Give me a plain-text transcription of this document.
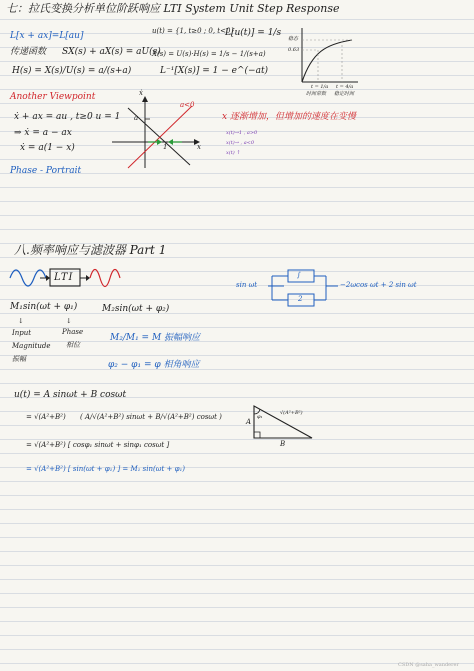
七：拉氏变换分析单位阶跃响应 LTI System Unit Step Response
L[x + ax]=L[au]
传递函数 SX(s) + aX(s) = aU(s)
H(s) = X(s)/U(s) = a/(s+a)
u(t) = {1, t≥0 ; 0, t<0}
L[u(t)] = 1/s
X(s) = U(s)·H(s) = 1/s − 1/(s+a)
L⁻¹[X(s)] = 1 − e^(−at)
稳态
0.63
t = 1/a t = 4/a
时间常数 稳定时间
Another Viewpoint
ẋ + ax = au , t≥0 u = 1
⇒ ẋ = a − ax
ẋ = a(1 − x)
Phase - Portrait
ẋ
x
a
1
a<0
x 逐渐增加，但增加的速度在变慢
x(t)→1 , a>0
x(t)→ , a<0
x(t) ↑
八.频率响应与滤波器 Part 1
LTI
M₁sin(ωt + φ₁)	M₂sin(ωt + φ₂)
↓	↓
Input	Phase
相位
Magnitude
振幅
M₂/M₁ = M 振幅响应
φ₂ − φ₁ = φ 相角响应
sin ωt
∫
2
−2ωcos ωt + 2 sin ωt
u(t) = A sinωt + B cosωt
= √(A²+B²) ( A/√(A²+B²) sinωt + B/√(A²+B²) cosωt )
= √(A²+B²) [ cosφ₁ sinωt + sinφ₁ cosωt ]
= √(A²+B²) [ sin(ωt + φ₁) ] = M₁ sin(ωt + φ₁)
A
B
√(A²+B²)
φ₁
CSDN @saha_wanderer
